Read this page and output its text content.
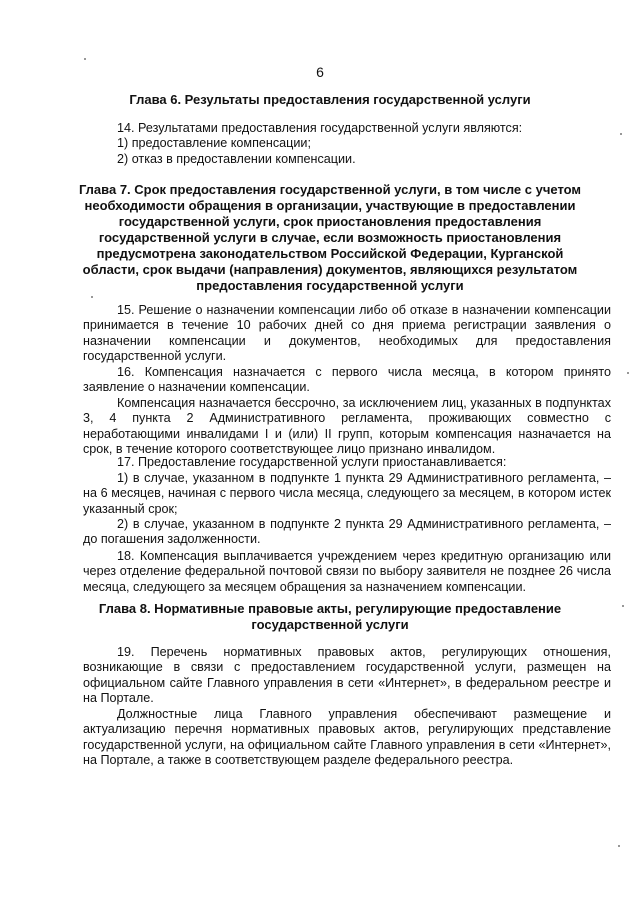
6
Глава 6. Результаты предоставления государственной услуги
14. Результатами предоставления государственной услуги являются:
1) предоставление компенсации;
2) отказ в предоставлении компенсации.
Глава 7. Срок предоставления государственной услуги, в том числе с учетом необходимости обращения в организации, участвующие в предоставлении государственной услуги, срок приостановления предоставления государственной услуги в случае, если возможность приостановления предусмотрена законодательством Российской Федерации, Курганской области, срок выдачи (направления) документов, являющихся результатом предоставления государственной услуги
15. Решение о назначении компенсации либо об отказе в назначении компенсации принимается в течение 10 рабочих дней со дня приема регистрации заявления о назначении компенсации и документов, необходимых для предоставления государственной услуги.
16. Компенсация назначается с первого числа месяца, в котором принято заявление о назначении компенсации.
Компенсация назначается бессрочно, за исключением лиц, указанных в подпунктах 3, 4 пункта 2 Административного регламента, проживающих совместно с неработающими инвалидами I и (или) II групп, которым компенсация назначается на срок, в течение которого соответствующее лицо признано инвалидом.
17. Предоставление государственной услуги приостанавливается:
1) в случае, указанном в подпункте 1 пункта 29 Административного регламента, – на 6 месяцев, начиная с первого числа месяца, следующего за месяцем, в котором истек указанный срок;
2) в случае, указанном в подпункте 2 пункта 29 Административного регламента, – до погашения задолженности.
18. Компенсация выплачивается учреждением через кредитную организацию или через отделение федеральной почтовой связи по выбору заявителя не позднее 26 числа месяца, следующего за месяцем обращения за назначением компенсации.
Глава 8. Нормативные правовые акты, регулирующие предоставление государственной услуги
19. Перечень нормативных правовых актов, регулирующих отношения, возникающие в связи с предоставлением государственной услуги, размещен на официальном сайте Главного управления в сети «Интернет», в федеральном реестре и на Портале.
Должностные лица Главного управления обеспечивают размещение и актуализацию перечня нормативных правовых актов, регулирующих представление государственной услуги, на официальном сайте Главного управления в сети «Интернет», на Портале, а также в соответствующем разделе федерального реестра.
